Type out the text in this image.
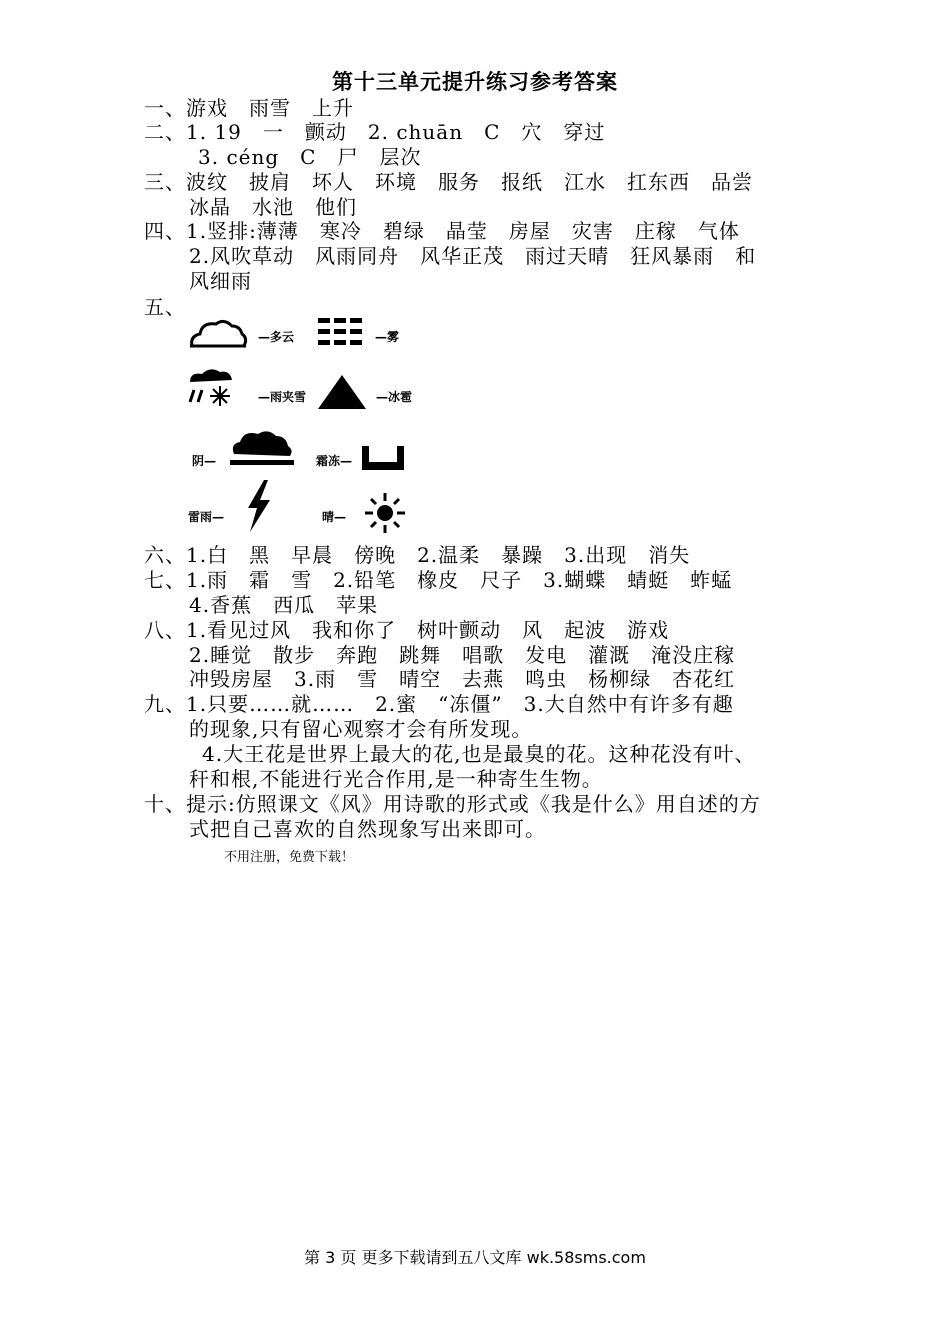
第十三单元提升练习参考答案
一、游戏　雨雪　上升
二、1. 19　一　颤动　2. chuān　C　穴　穿过
3. céng　C　尸　层次
三、波纹　披肩　坏人　环境　服务　报纸　江水　扛东西　品尝
冰晶　水池　他们
四、1.竖排:薄薄　寒冷　碧绿　晶莹　房屋　灾害　庄稼　气体
2.风吹草动　风雨同舟　风华正茂　雨过天晴　狂风暴雨　和
风细雨
五、
—多云	—雾
—雨夹雪	—冰雹
阴—	霜冻—
雷雨—	晴—
六、1.白　黑　早晨　傍晚　2.温柔　暴躁　3.出现　消失
七、1.雨　霜　雪　2.铅笔　橡皮　尺子　3.蝴蝶　蜻蜓　蚱蜢
4.香蕉　西瓜　苹果
八、1.看见过风　我和你了　树叶颤动　风　起波　游戏
2.睡觉　散步　奔跑　跳舞　唱歌　发电　灌溉　淹没庄稼
冲毁房屋　3.雨　雪　晴空　去燕　鸣虫　杨柳绿　杏花红
九、1.只要……就……　2.蜜　“冻僵”　3.大自然中有许多有趣
的现象,只有留心观察才会有所发现。
4.大王花是世界上最大的花,也是最臭的花。这种花没有叶、
秆和根,不能进行光合作用,是一种寄生生物。
十、提示:仿照课文《风》用诗歌的形式或《我是什么》用自述的方
式把自己喜欢的自然现象写出来即可。
不用注册，免费下载！
第 3 页 更多下载请到五八文库 wk.58sms.com
